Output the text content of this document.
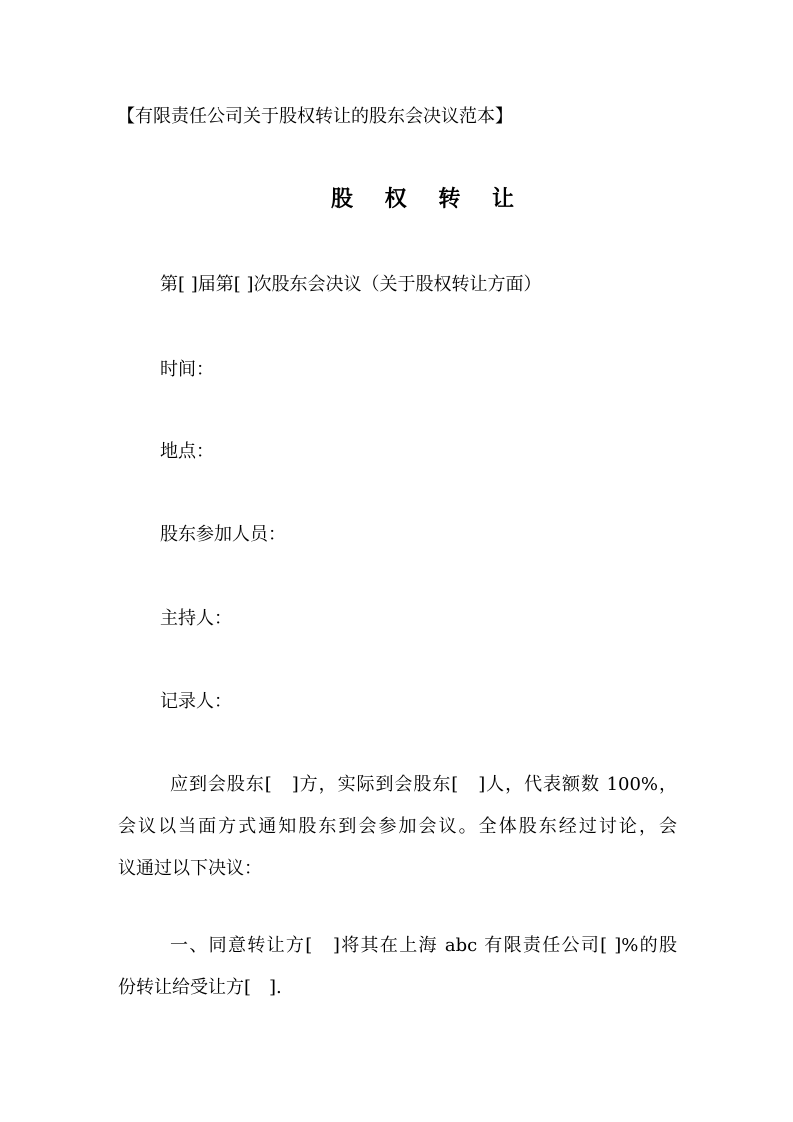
【有限责任公司关于股权转让的股东会决议范本】
股 权 转 让
第[ ]届第[ ]次股东会决议（关于股权转让方面）
时间：
地点：
股东参加人员：
主持人：
记录人：
应到会股东[　]方，实际到会股东[　]人，代表额数 100%，
会议以当面方式通知股东到会参加会议。全体股东经过讨论，会
议通过以下决议：
一、同意转让方[　]将其在上海 abc 有限责任公司[ ]%的股
份转让给受让方[　].
